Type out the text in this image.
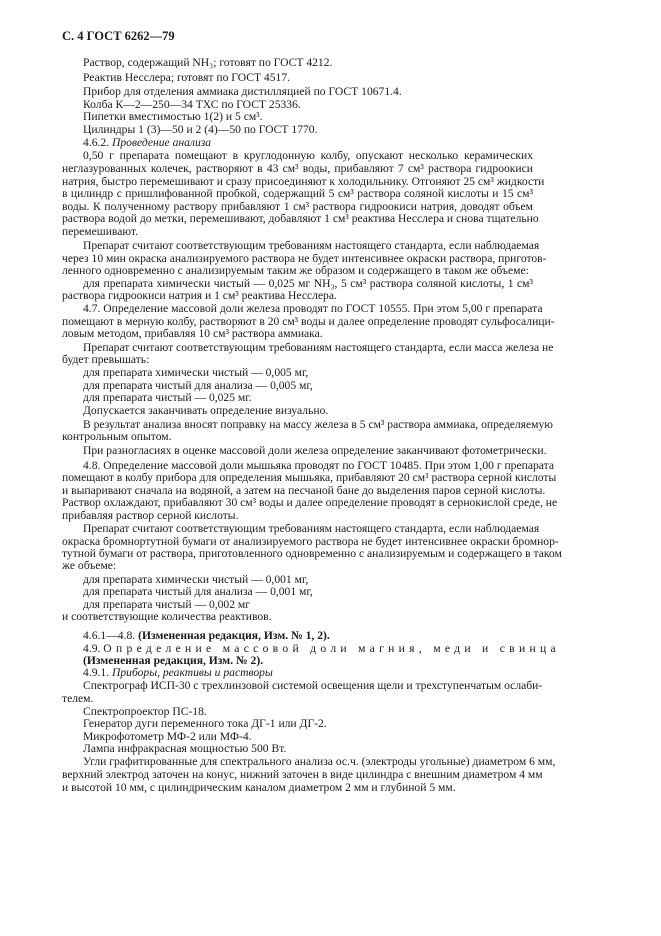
С. 4 ГОСТ 6262—79
Раствор, содержащий NH₃; готовят по ГОСТ 4212.
Реактив Несслера; готовят по ГОСТ 4517.
Прибор для отделения аммиака дистилляцией по ГОСТ 10671.4.
Колба К—2—250—34 ТХС по ГОСТ 25336.
Пипетки вместимостью 1(2) и 5 см³.
Цилиндры 1 (3)—50 и 2 (4)—50 по ГОСТ 1770.
4.6.2. Проведение анализа
0,50 г препарата помещают в круглодонную колбу, опускают несколько керамических
неглазурованных колечек, растворяют в 43 см³ воды, прибавляют 7 см³ раствора гидроокиси
натрия, быстро перемешивают и сразу присоединяют к холодильнику. Отгоняют 25 см³ жидкости
в цилиндр с пришлифованной пробкой, содержащий 5 см³ раствора соляной кислоты и 15 см³
воды. К полученному раствору прибавляют 1 см³ раствора гидроокиси натрия, доводят объем
раствора водой до метки, перемешивают, добавляют 1 см³ реактива Несслера и снова тщательно
перемешивают.
Препарат считают соответствующим требованиям настоящего стандарта, если наблюдаемая
через 10 мин окраска анализируемого раствора не будет интенсивнее окраски раствора, приготов-
ленного одновременно с анализируемым таким же образом и содержащего в таком же объеме:
для препарата химически чистый — 0,025 мг NH₃, 5 см³ раствора соляной кислоты, 1 см³
раствора гидроокиси натрия и 1 см³ реактива Несслера.
4.7. Определение массовой доли железа проводят по ГОСТ 10555. При этом 5,00 г препарата
помещают в мерную колбу, растворяют в 20 см³ воды и далее определение проводят сульфосалици-
ловым методом, прибавляя 10 см³ раствора аммиака.
Препарат считают соответствующим требованиям настоящего стандарта, если масса железа не
будет превышать:
для препарата химически чистый — 0,005 мг,
для препарата чистый для анализа — 0,005 мг,
для препарата чистый — 0,025 мг.
Допускается заканчивать определение визуально.
В результат анализа вносят поправку на массу железа в 5 см³ раствора аммиака, определяемую
контрольным опытом.
При разногласиях в оценке массовой доли железа определение заканчивают фотометрически.
4.8. Определение массовой доли мышьяка проводят по ГОСТ 10485. При этом 1,00 г препарата
помещают в колбу прибора для определения мышьяка, прибавляют 20 см³ раствора серной кислоты
и выпаривают сначала на водяной, а затем на песчаной бане до выделения паров серной кислоты.
Раствор охлаждают, прибавляют 30 см³ воды и далее определение проводят в сернокислой среде, не
прибавляя раствор серной кислоты.
Препарат считают соответствующим требованиям настоящего стандарта, если наблюдаемая
окраска бромнортутной бумаги от анализируемого раствора не будет интенсивнее окраски бромнор-
тутной бумаги от раствора, приготовленного одновременно с анализируемым и содержащего в таком
же объеме:
для препарата химически чистый — 0,001 мг,
для препарата чистый для анализа — 0,001 мг,
для препарата чистый — 0,002 мг
и соответствующие количества реактивов.
4.6.1—4.8. (Измененная редакция, Изм. № 1, 2).
4.9. Определение массовой доли магния, меди и свинца
(Измененная редакция, Изм. № 2).
4.9.1. Приборы, реактивы и растворы
Спектрограф ИСП-30 с трехлинзовой системой освещения щели и трехступенчатым ослаби-
телем.
Спектропроектор ПС-18.
Генератор дуги переменного тока ДГ-1 или ДГ-2.
Микрофотометр МФ-2 или МФ-4.
Лампа инфракрасная мощностью 500 Вт.
Угли графитированные для спектрального анализа ос.ч. (электроды угольные) диаметром 6 мм,
верхний электрод заточен на конус, нижний заточен в виде цилиндра с внешним диаметром 4 мм
и высотой 10 мм, с цилиндрическим каналом диаметром 2 мм и глубиной 5 мм.
